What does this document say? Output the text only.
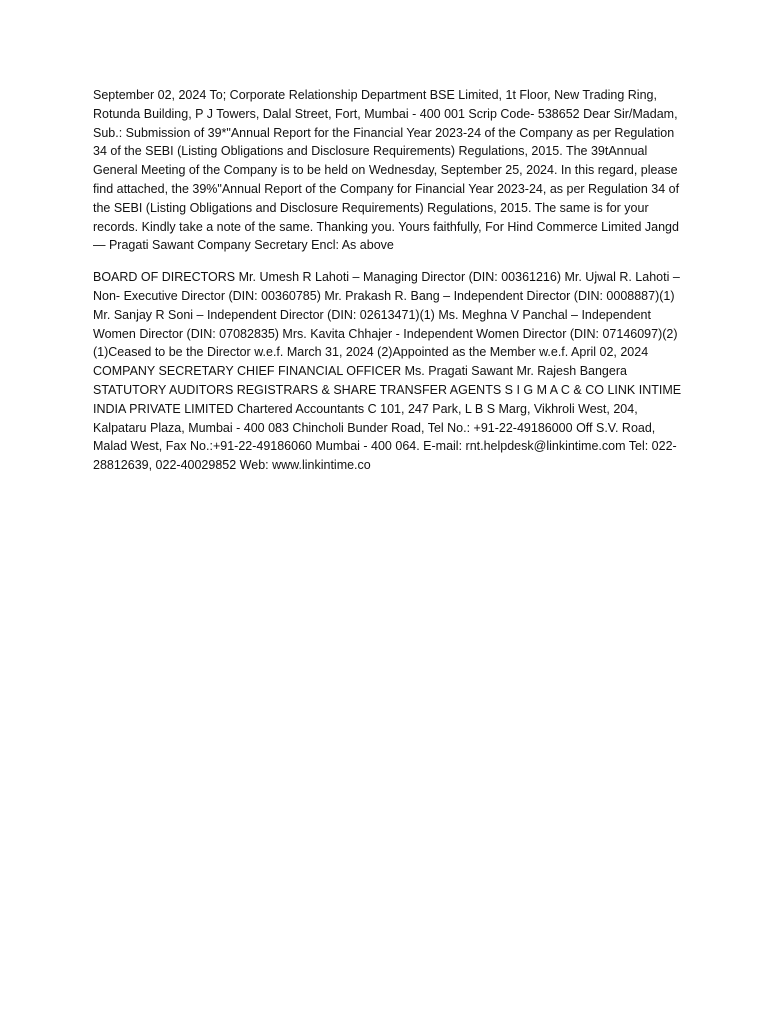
September 02, 2024 To; Corporate Relationship Department BSE Limited, 1t Floor, New Trading Ring, Rotunda Building, P J Towers, Dalal Street, Fort, Mumbai - 400 001 Scrip Code- 538652 Dear Sir/Madam, Sub.: Submission of 39*"Annual Report for the Financial Year 2023-24 of the Company as per Regulation 34 of the SEBI (Listing Obligations and Disclosure Requirements) Regulations, 2015. The 39tAnnual General Meeting of the Company is to be held on Wednesday, September 25, 2024. In this regard, please find attached, the 39%"Annual Report of the Company for Financial Year 2023-24, as per Regulation 34 of the SEBI (Listing Obligations and Disclosure Requirements) Regulations, 2015. The same is for your records. Kindly take a note of the same. Thanking you. Yours faithfully, For Hind Commerce Limited Jangd— Pragati Sawant Company Secretary Encl: As above

BOARD OF DIRECTORS Mr. Umesh R Lahoti – Managing Director (DIN: 00361216) Mr. Ujwal R. Lahoti – Non- Executive Director (DIN: 00360785) Mr. Prakash R. Bang – Independent Director (DIN: 0008887)(1) Mr. Sanjay R Soni – Independent Director (DIN: 02613471)(1) Ms. Meghna V Panchal – Independent Women Director (DIN: 07082835) Mrs. Kavita Chhajer - Independent Women Director (DIN: 07146097)(2) (1)Ceased to be the Director w.e.f. March 31, 2024 (2)Appointed as the Member w.e.f. April 02, 2024 COMPANY SECRETARY CHIEF FINANCIAL OFFICER Ms. Pragati Sawant Mr. Rajesh Bangera STATUTORY AUDITORS REGISTRARS & SHARE TRANSFER AGENTS S I G M A C & CO LINK INTIME INDIA PRIVATE LIMITED Chartered Accountants C 101, 247 Park, L B S Marg, Vikhroli West, 204, Kalpataru Plaza, Mumbai - 400 083 Chincholi Bunder Road, Tel No.: +91-22-49186000 Off S.V. Road, Malad West, Fax No.:+91-22-49186060 Mumbai - 400 064. E-mail: rnt.helpdesk@linkintime.com Tel: 022-28812639, 022-40029852 Web: www.linkintime.co
